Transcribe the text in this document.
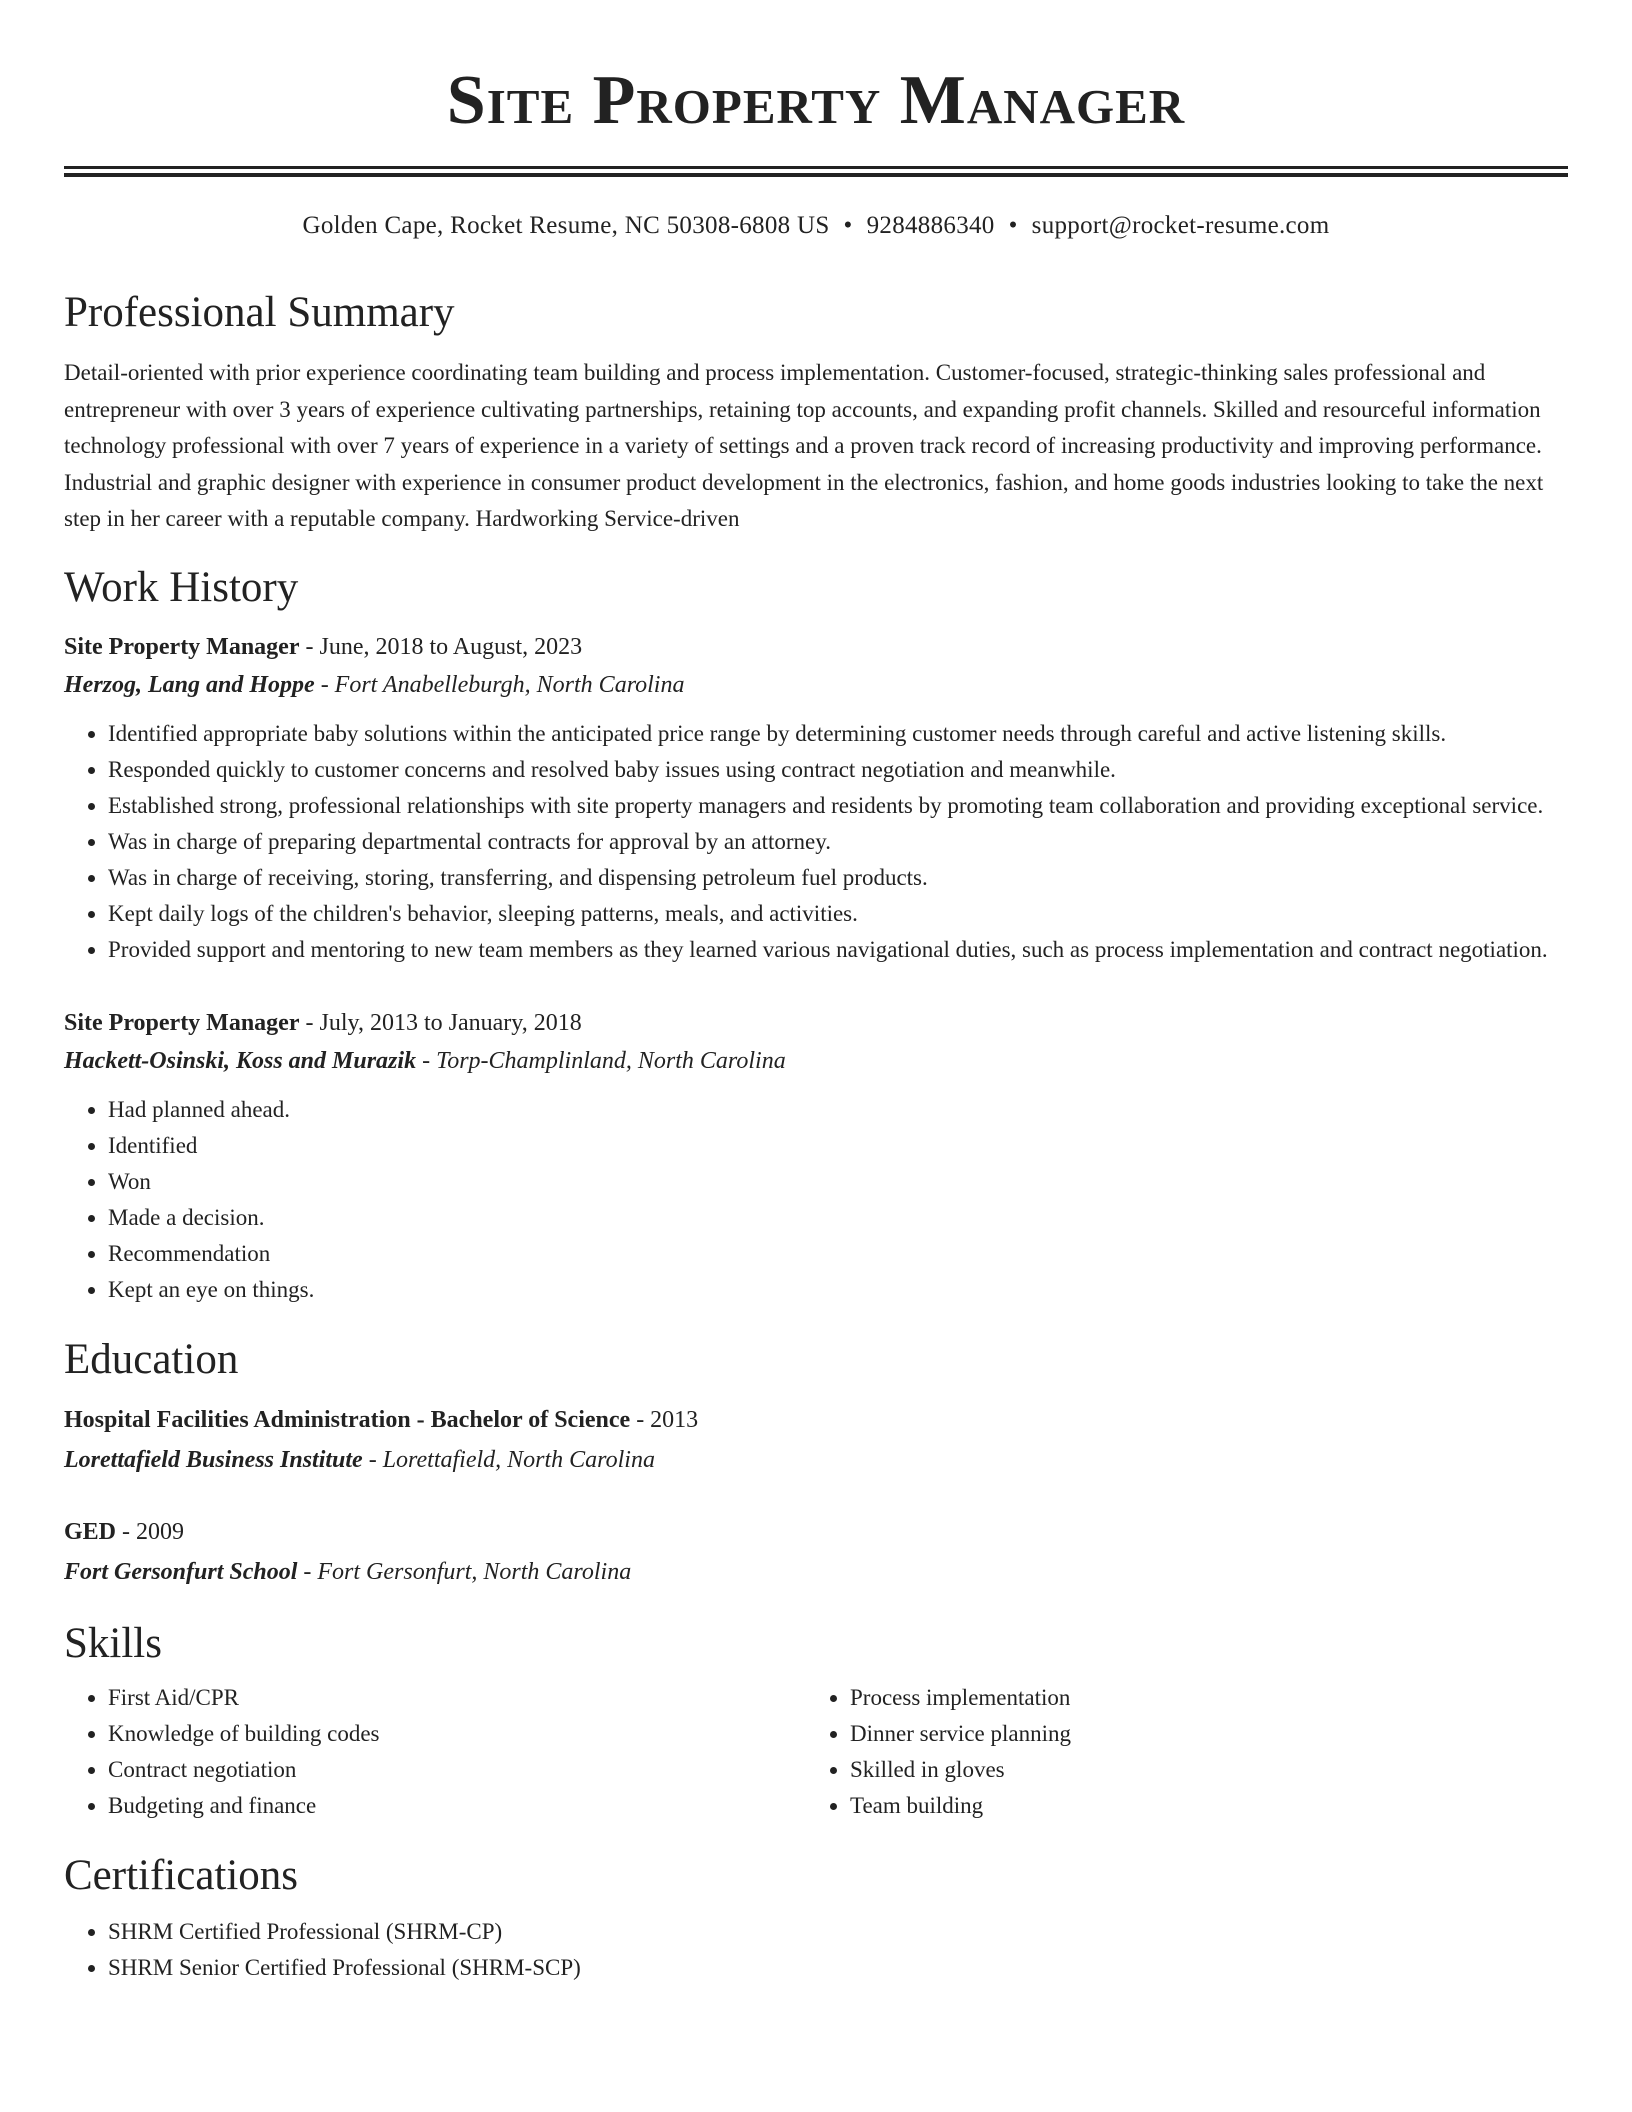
Site Property Manager
Golden Cape, Rocket Resume, NC 50308-6808 US • 9284886340 • support@rocket-resume.com
Professional Summary

Detail-oriented with prior experience coordinating team building and process implementation. Customer-focused, strategic-thinking sales professional and entrepreneur with over 3 years of experience cultivating partnerships, retaining top accounts, and expanding profit channels. Skilled and resourceful information technology professional with over 7 years of experience in a variety of settings and a proven track record of increasing productivity and improving performance. Industrial and graphic designer with experience in consumer product development in the electronics, fashion, and home goods industries looking to take the next step in her career with a reputable company. Hardworking Service-driven

Work History
Site Property Manager - June, 2018 to August, 2023
Herzog, Lang and Hoppe - Fort Anabelleburgh, North Carolina
• Identified appropriate baby solutions within the anticipated price range by determining customer needs through careful and active listening skills.
• Responded quickly to customer concerns and resolved baby issues using contract negotiation and meanwhile.
• Established strong, professional relationships with site property managers and residents by promoting team collaboration and providing exceptional service.
• Was in charge of preparing departmental contracts for approval by an attorney.
• Was in charge of receiving, storing, transferring, and dispensing petroleum fuel products.
• Kept daily logs of the children's behavior, sleeping patterns, meals, and activities.
• Provided support and mentoring to new team members as they learned various navigational duties, such as process implementation and contract negotiation.
Site Property Manager - July, 2013 to January, 2018
Hackett-Osinski, Koss and Murazik - Torp-Champlinland, North Carolina
• Had planned ahead.
• Identified
• Won
• Made a decision.
• Recommendation
• Kept an eye on things.
Education
Hospital Facilities Administration - Bachelor of Science - 2013
Lorettafield Business Institute - Lorettafield, North Carolina
GED - 2009
Fort Gersonfurt School - Fort Gersonfurt, North Carolina
Skills
• First Aid/CPR
• Knowledge of building codes
• Contract negotiation
• Budgeting and finance
• Process implementation
• Dinner service planning
• Skilled in gloves
• Team building
Certifications
• SHRM Certified Professional (SHRM-CP)
• SHRM Senior Certified Professional (SHRM-SCP)
